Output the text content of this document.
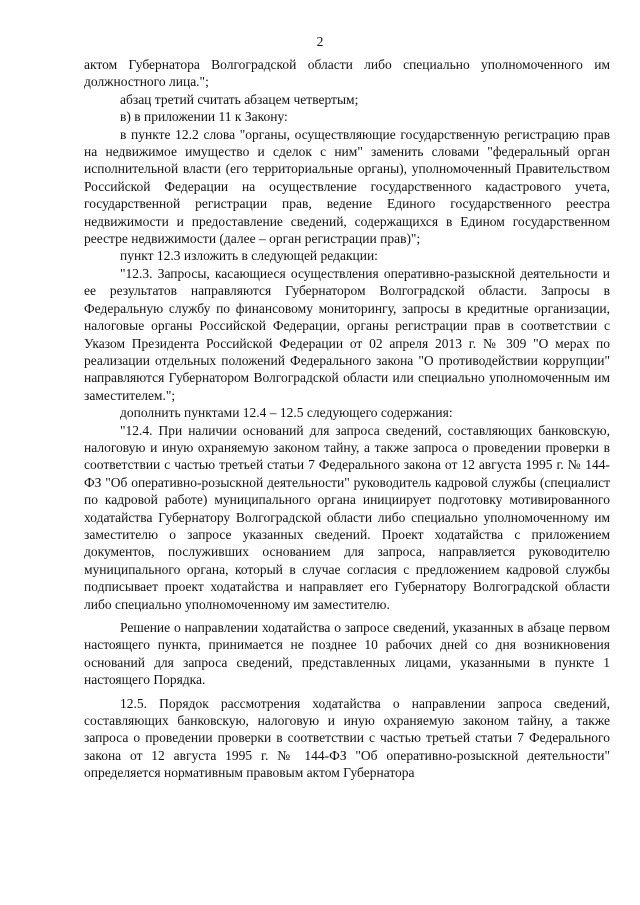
2

актом Губернатора Волгоградской области либо специально уполномоченного им должностного лица.";

абзац третий считать абзацем четвертым;

в) в приложении 11 к Закону:

в пункте 12.2 слова "органы, осуществляющие государственную регистрацию прав на недвижимое имущество и сделок с ним" заменить словами "федеральный орган исполнительной власти (его территориальные органы), уполномоченный Правительством Российской Федерации на осуществление государственного кадастрового учета, государственной регистрации прав, ведение Единого государственного реестра недвижимости и предоставление сведений, содержащихся в Едином государственном реестре недвижимости (далее – орган регистрации прав)";

пункт 12.3 изложить в следующей редакции:

"12.3. Запросы, касающиеся осуществления оперативно-разыскной деятельности и ее результатов направляются Губернатором Волгоградской области. Запросы в Федеральную службу по финансовому мониторингу, запросы в кредитные организации, налоговые органы Российской Федерации, органы регистрации прав в соответствии с Указом Президента Российской Федерации от 02 апреля 2013 г. № 309 "О мерах по реализации отдельных положений Федерального закона "О противодействии коррупции" направляются Губернатором Волгоградской области или специально уполномоченным им заместителем.";

дополнить пунктами 12.4 – 12.5 следующего содержания:

"12.4. При наличии оснований для запроса сведений, составляющих банковскую, налоговую и иную охраняемую законом тайну, а также запроса о проведении проверки в соответствии с частью третьей статьи 7 Федерального закона от 12 августа 1995 г. № 144-ФЗ "Об оперативно-розыскной деятельности" руководитель кадровой службы (специалист по кадровой работе) муниципального органа инициирует подготовку мотивированного ходатайства Губернатору Волгоградской области либо специально уполномоченному им заместителю о запросе указанных сведений. Проект ходатайства с приложением документов, послуживших основанием для запроса, направляется руководителю муниципального органа, который в случае согласия с предложением кадровой службы подписывает проект ходатайства и направляет его Губернатору Волгоградской области либо специально уполномоченному им заместителю.

Решение о направлении ходатайства о запросе сведений, указанных в абзаце первом настоящего пункта, принимается не позднее 10 рабочих дней со дня возникновения оснований для запроса сведений, представленных лицами, указанными в пункте 1 настоящего Порядка.

12.5. Порядок рассмотрения ходатайства о направлении запроса сведений, составляющих банковскую, налоговую и иную охраняемую законом тайну, а также запроса о проведении проверки в соответствии с частью третьей статьи 7 Федерального закона от 12 августа 1995 г. № 144-ФЗ "Об оперативно-розыскной деятельности" определяется нормативным правовым актом Губернатора
